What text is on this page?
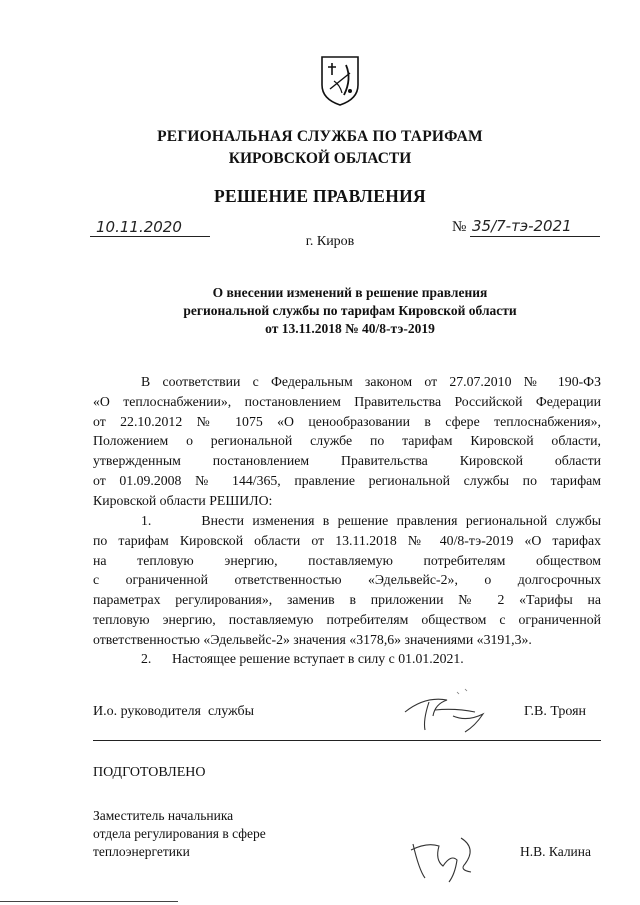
РЕГИОНАЛЬНАЯ СЛУЖБА ПО ТАРИФАМ
КИРОВСКОЙ ОБЛАСТИ
РЕШЕНИЕ ПРАВЛЕНИЯ
10.11.2020	№ 35/7-тэ-2021
г. Киров
О внесении изменений в решение правления
региональной службы по тарифам Кировской области
от 13.11.2018 № 40/8-тэ-2019
В соответствии с Федеральным законом от 27.07.2010 № 190-ФЗ
«О теплоснабжении», постановлением Правительства Российской Федерации
от 22.10.2012 № 1075 «О ценообразовании в сфере теплоснабжения»,
Положением о региональной службе по тарифам Кировской области,
утвержденным постановлением Правительства Кировской области
от 01.09.2008 № 144/365, правление региональной службы по тарифам
Кировской области РЕШИЛО:
1.      Внести изменения в решение правления региональной службы
по тарифам Кировской области от 13.11.2018 № 40/8-тэ-2019 «О тарифах
на тепловую энергию, поставляемую потребителям обществом
с ограниченной ответственностью «Эдельвейс-2», о долгосрочных
параметрах регулирования», заменив в приложении № 2 «Тарифы на
тепловую энергию, поставляемую потребителям обществом с ограниченной
ответственностью «Эдельвейс-2» значения «3178,6» значениями «3191,3».
2.      Настоящее решение вступает в силу с 01.01.2021.
И.о. руководителя  службы	Г.В. Троян
ПОДГОТОВЛЕНО
Заместитель начальника
отдела регулирования в сфере
теплоэнергетики	Н.В. Калина
